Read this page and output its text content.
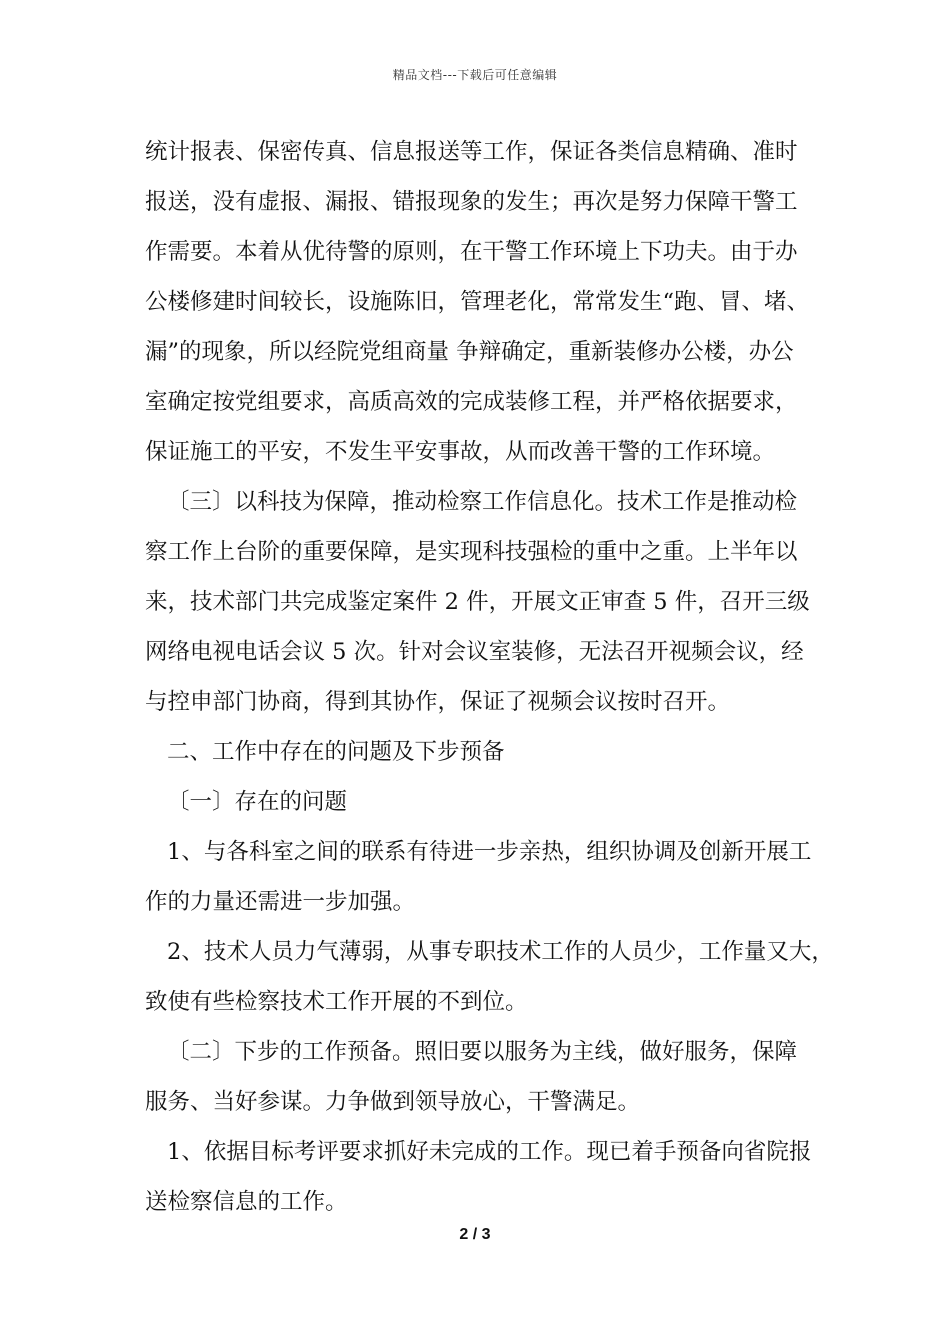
精品文档---下载后可任意编辑
统计报表、保密传真、信息报送等工作，保证各类信息精确、准时
报送，没有虚报、漏报、错报现象的发生；再次是努力保障干警工
作需要。本着从优待警的原则，在干警工作环境上下功夫。由于办
公楼修建时间较长，设施陈旧，管理老化，常常发生“跑、冒、堵、
漏”的现象，所以经院党组商量 争辩确定，重新装修办公楼，办公
室确定按党组要求，高质高效的完成装修工程，并严格依据要求，
保证施工的平安，不发生平安事故，从而改善干警的工作环境。
〔三〕以科技为保障，推动检察工作信息化。技术工作是推动检
察工作上台阶的重要保障，是实现科技强检的重中之重。上半年以
来，技术部门共完成鉴定案件 2 件，开展文正审查 5 件，召开三级
网络电视电话会议 5 次。针对会议室装修，无法召开视频会议，经
与控申部门协商，得到其协作，保证了视频会议按时召开。
二、工作中存在的问题及下步预备
〔一〕存在的问题
1、与各科室之间的联系有待进一步亲热，组织协调及创新开展工
作的力量还需进一步加强。
2、技术人员力气薄弱，从事专职技术工作的人员少，工作量又大，
致使有些检察技术工作开展的不到位。
〔二〕下步的工作预备。照旧要以服务为主线，做好服务，保障
服务、当好参谋。力争做到领导放心，干警满足。
1、依据目标考评要求抓好未完成的工作。现已着手预备向省院报
送检察信息的工作。
2 / 3
